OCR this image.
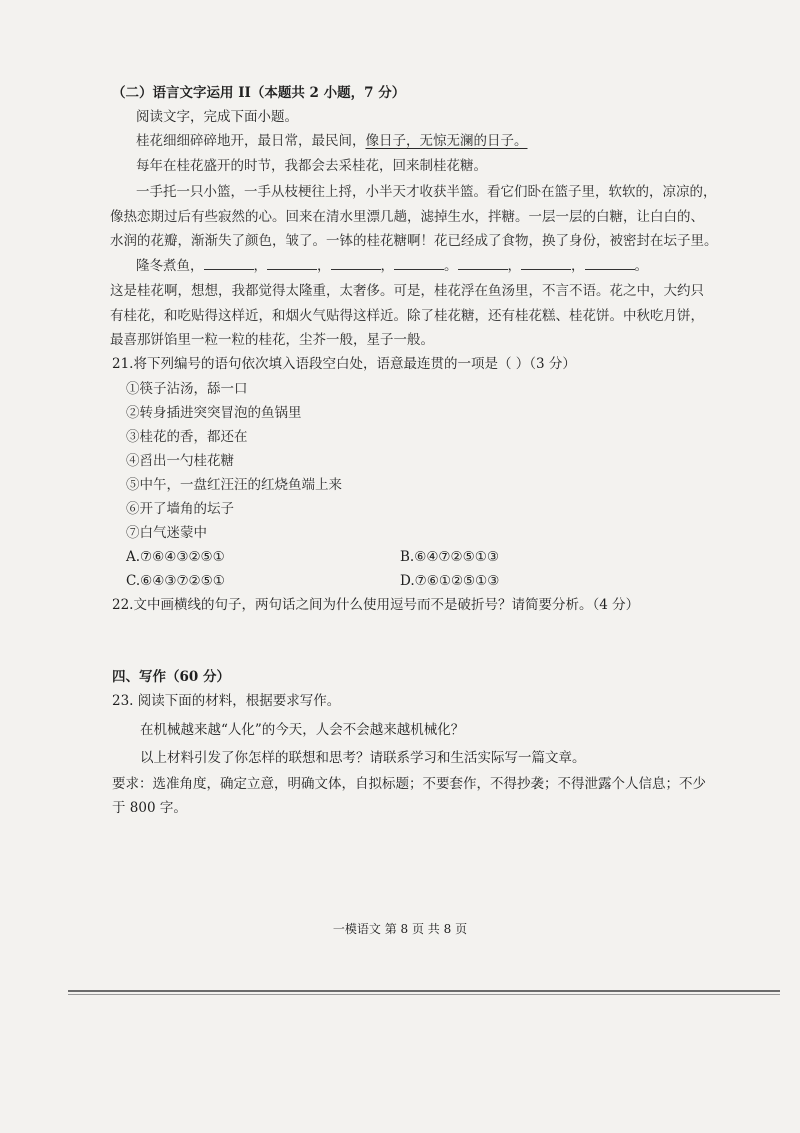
（二）语言文字运用 II（本题共 2 小题，7 分）
阅读文字，完成下面小题。
桂花细细碎碎地开，最日常，最民间，像日子，无惊无澜的日子。
每年在桂花盛开的时节，我都会去采桂花，回来制桂花糖。
一手托一只小篮，一手从枝梗往上捋，小半天才收获半篮。看它们卧在篮子里，软软的，凉凉的，
像热恋期过后有些寂然的心。回来在清水里漂几趟，滤掉生水，拌糖。一层一层的白糖，让白白的、
水润的花瓣，渐渐失了颜色，皱了。一钵的桂花糖啊！花已经成了食物，换了身份，被密封在坛子里。
隆冬煮鱼，	，	，	，	。	，	，	。
这是桂花啊，想想，我都觉得太隆重，太奢侈。可是，桂花浮在鱼汤里，不言不语。花之中，大约只
有桂花，和吃贴得这样近，和烟火气贴得这样近。除了桂花糖，还有桂花糕、桂花饼。中秋吃月饼，
最喜那饼馅里一粒一粒的桂花，尘芥一般，星子一般。
21.将下列编号的语句依次填入语段空白处，语意最连贯的一项是（ ）（3 分）
①筷子沾汤，舔一口
②转身插进突突冒泡的鱼锅里
③桂花的香，都还在
④舀出一勺桂花糖
⑤中午，一盘红汪汪的红烧鱼端上来
⑥开了墙角的坛子
⑦白气迷蒙中
A.⑦⑥④③②⑤①	B.⑥④⑦②⑤①③
C.⑥④③⑦②⑤①	D.⑦⑥①②⑤①③
22.文中画横线的句子，两句话之间为什么使用逗号而不是破折号？请简要分析。（4 分）
四、写作（60 分）
23. 阅读下面的材料，根据要求写作。
在机械越来越“人化”的今天，人会不会越来越机械化？
以上材料引发了你怎样的联想和思考？请联系学习和生活实际写一篇文章。
要求：选准角度，确定立意，明确文体，自拟标题；不要套作，不得抄袭；不得泄露个人信息；不少
于 800 字。
一模语文 第 8 页 共 8 页
